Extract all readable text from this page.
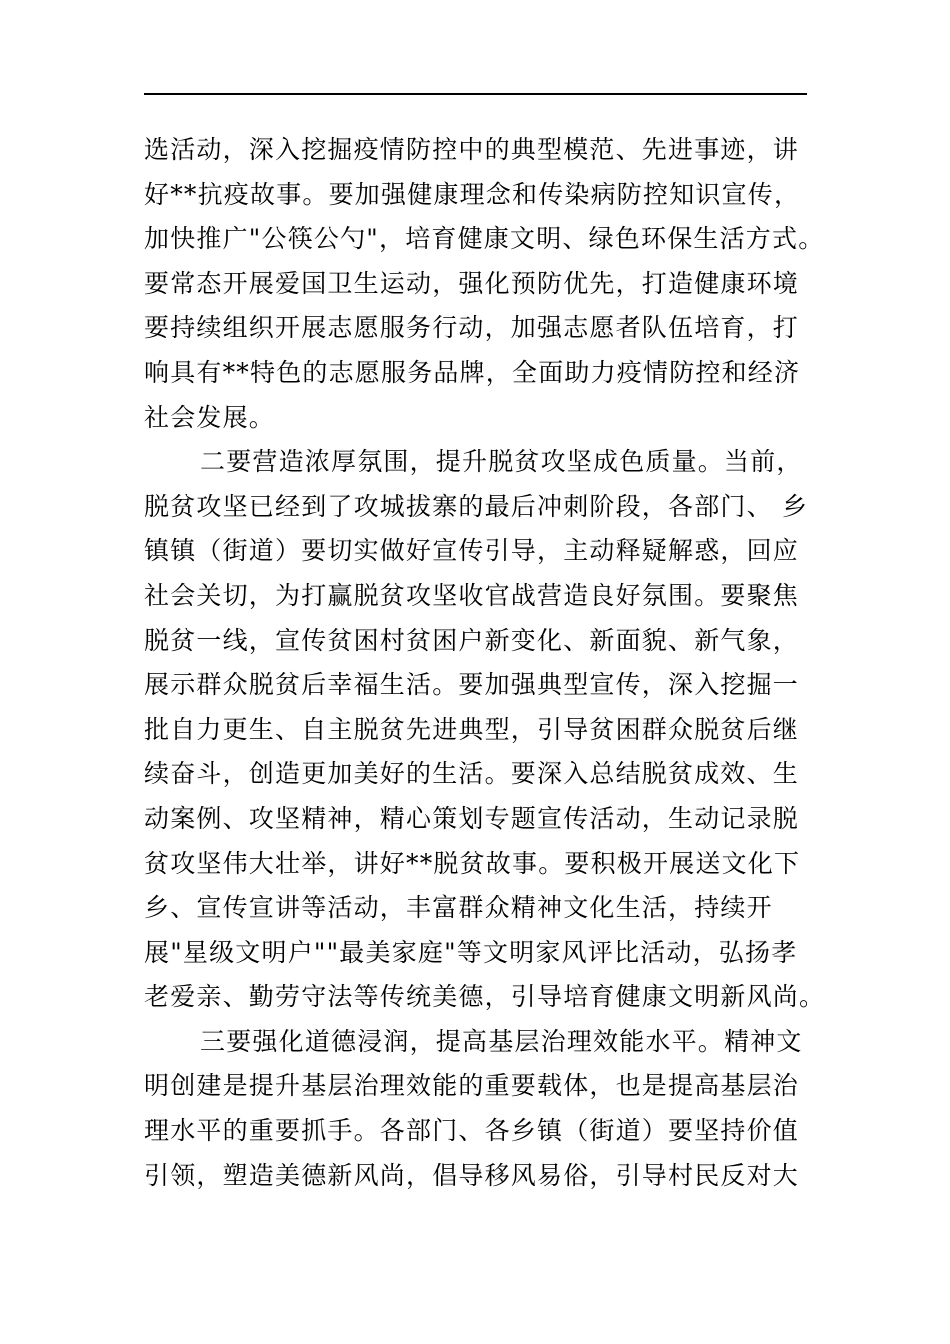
选活动，深入挖掘疫情防控中的典型模范、先进事迹，讲
好**抗疫故事。要加强健康理念和传染病防控知识宣传，
加快推广"公筷公勺"，培育健康文明、绿色环保生活方式。
要常态开展爱国卫生运动，强化预防优先，打造健康环境
要持续组织开展志愿服务行动，加强志愿者队伍培育，打
响具有**特色的志愿服务品牌，全面助力疫情防控和经济
社会发展。
二要营造浓厚氛围，提升脱贫攻坚成色质量。当前，
脱贫攻坚已经到了攻城拔寨的最后冲刺阶段，各部门、 乡
镇镇（街道）要切实做好宣传引导，主动释疑解惑，回应
社会关切，为打赢脱贫攻坚收官战营造良好氛围。要聚焦
脱贫一线，宣传贫困村贫困户新变化、新面貌、新气象，
展示群众脱贫后幸福生活。要加强典型宣传，深入挖掘一
批自力更生、自主脱贫先进典型，引导贫困群众脱贫后继
续奋斗，创造更加美好的生活。要深入总结脱贫成效、生
动案例、攻坚精神，精心策划专题宣传活动，生动记录脱
贫攻坚伟大壮举，讲好**脱贫故事。要积极开展送文化下
乡、宣传宣讲等活动，丰富群众精神文化生活，持续开
展"星级文明户""最美家庭"等文明家风评比活动，弘扬孝
老爱亲、勤劳守法等传统美德，引导培育健康文明新风尚。
三要强化道德浸润，提高基层治理效能水平。精神文
明创建是提升基层治理效能的重要载体，也是提高基层治
理水平的重要抓手。各部门、各乡镇（街道）要坚持价值
引领，塑造美德新风尚，倡导移风易俗，引导村民反对大
